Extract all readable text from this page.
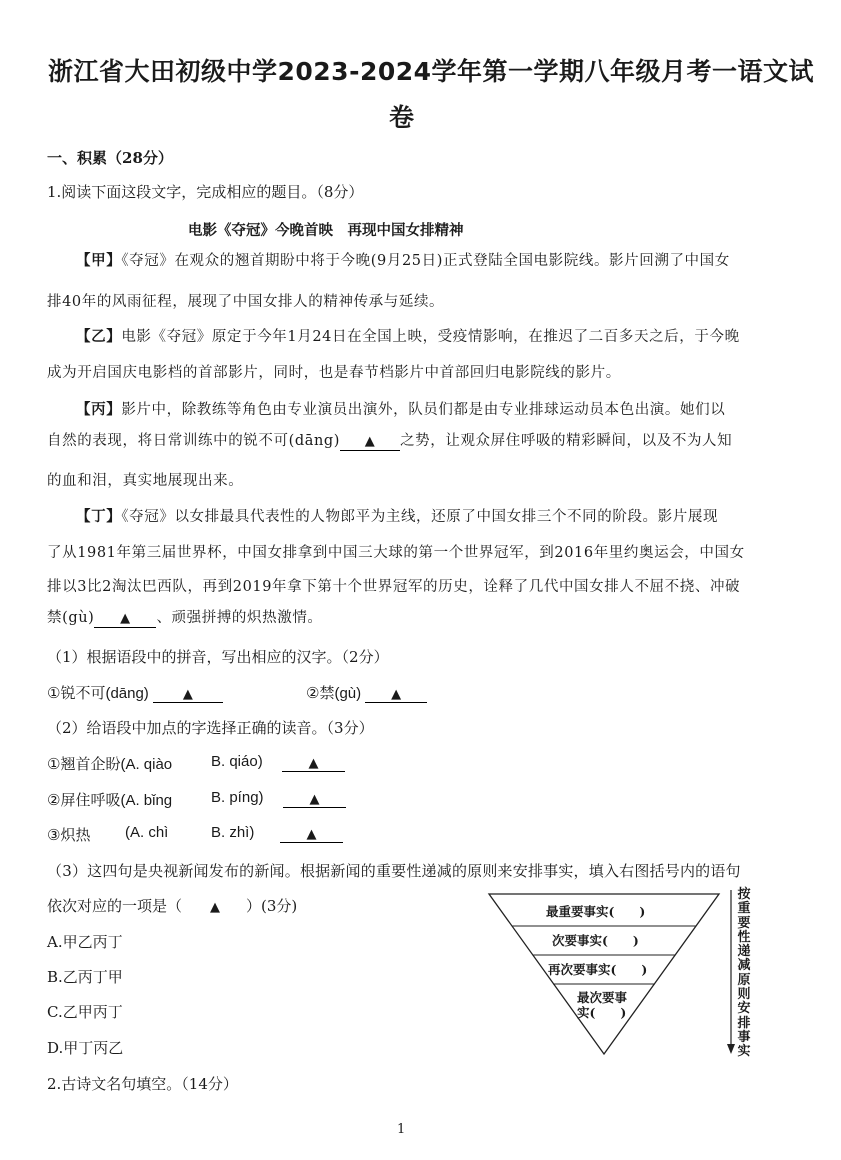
浙江省大田初级中学2023-2024学年第一学期八年级月考一语文试
卷
一、积累（28分）
1.阅读下面这段文字，完成相应的题目。（8分）
电影《夺冠》今晚首映　再现中国女排精神
【甲】《夺冠》在观众的翘首期盼中将于今晚(9月25日)正式登陆全国电影院线。影片回溯了中国女
排40年的风雨征程，展现了中国女排人的精神传承与延续。
【乙】电影《夺冠》原定于今年1月24日在全国上映，受疫情影响，在推迟了二百多天之后，于今晚
成为开启国庆电影档的首部影片，同时，也是春节档影片中首部回归电影院线的影片。
【丙】影片中，除教练等角色由专业演员出演外，队员们都是由专业排球运动员本色出演。她们以
自然的表现，将日常训练中的锐不可(dāng) ▲ 之势，让观众屏住呼吸的精彩瞬间，以及不为人知
的血和泪，真实地展现出来。
【丁】《夺冠》以女排最具代表性的人物郎平为主线，还原了中国女排三个不同的阶段。影片展现
了从1981年第三届世界杯，中国女排拿到中国三大球的第一个世界冠军，到2016年里约奥运会，中国女
排以3比2淘汰巴西队，再到2019年拿下第十个世界冠军的历史，诠释了几代中国女排人不屈不挠、冲破
禁(gù) ▲ 、顽强拼搏的炽热激情。
（1）根据语段中的拼音，写出相应的汉字。（2分）
①锐不可(dāng)	▲	②禁(gù) ▲
（2）给语段中加点的字选择正确的读音。（3分）
①翘首企盼(A. qiào	B. qiáo)	▲
②屏住呼吸(A. bǐng	B. píng)	▲
③炽热 (A. chì	B. zhì)	▲
（3）这四句是央视新闻发布的新闻。根据新闻的重要性递减的原则来安排事实，填入右图括号内的语句
依次对应的一项是（ ▲ ）(3分)
A.甲乙丙丁
B.乙丙丁甲
C.乙甲丙丁
D.甲丁丙乙
最重要事实(　　)
次要事实(　　)
再次要事实(　　)
最次要事
实(　　)
按重要性递减原则安排事实
2.古诗文名句填空。（14分）
1
